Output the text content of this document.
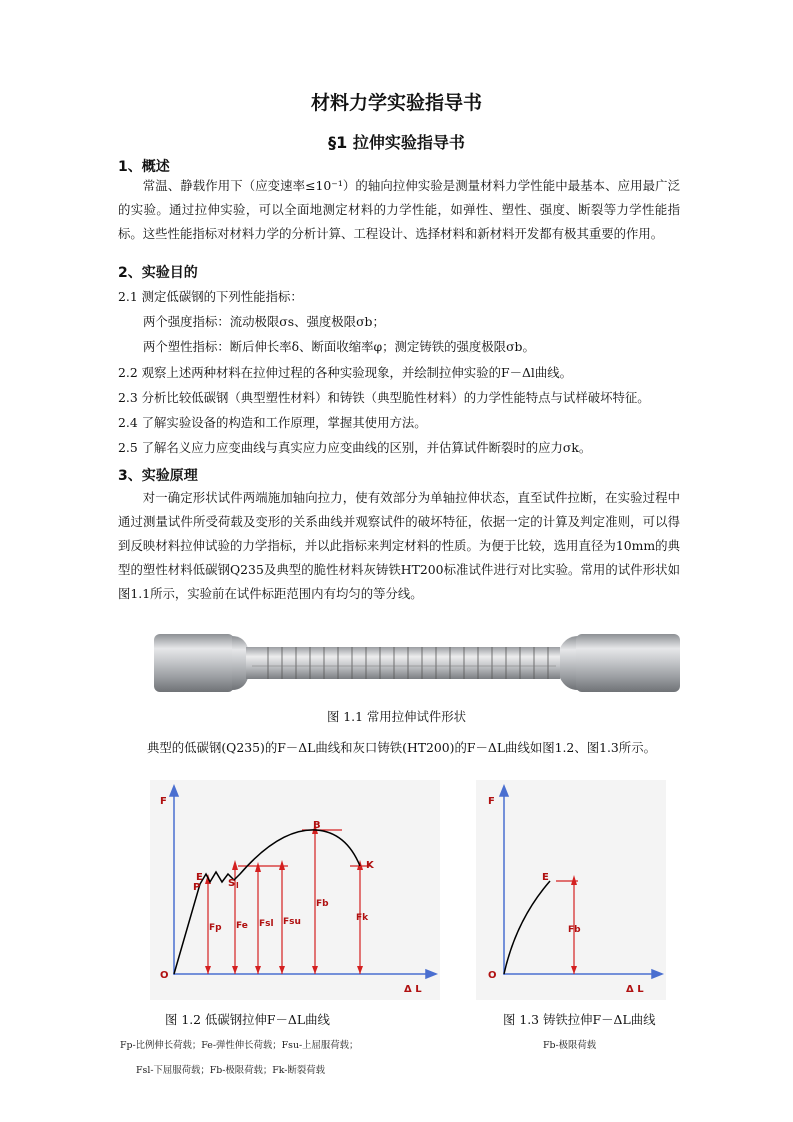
材料力学实验指导书
§1 拉伸实验指导书
1、概述
常温、静载作用下（应变速率≤10⁻¹）的轴向拉伸实验是测量材料力学性能中最基本、应用最广泛的实验。通过拉伸实验，可以全面地测定材料的力学性能，如弹性、塑性、强度、断裂等力学性能指标。这些性能指标对材料力学的分析计算、工程设计、选择材料和新材料开发都有极其重要的作用。
2、实验目的
2.1 测定低碳钢的下列性能指标：
两个强度指标：流动极限σs、强度极限σb；
两个塑性指标：断后伸长率δ、断面收缩率φ；测定铸铁的强度极限σb。
2.2 观察上述两种材料在拉伸过程的各种实验现象，并绘制拉伸实验的F－Δl曲线。
2.3 分析比较低碳钢（典型塑性材料）和铸铁（典型脆性材料）的力学性能特点与试样破坏特征。
2.4 了解实验设备的构造和工作原理，掌握其使用方法。
2.5 了解名义应力应变曲线与真实应力应变曲线的区别，并估算试件断裂时的应力σk。
3、实验原理
对一确定形状试件两端施加轴向拉力，使有效部分为单轴拉伸状态，直至试件拉断，在实验过程中通过测量试件所受荷载及变形的关系曲线并观察试件的破坏特征，依据一定的计算及判定准则，可以得到反映材料拉伸试验的力学指标，并以此指标来判定材料的性质。为便于比较，选用直径为10mm的典型的塑性材料低碳钢Q235及典型的脆性材料灰铸铁HT200标准试件进行对比实验。常用的试件形状如图1.1所示，实验前在试件标距范围内有均匀的等分线。
图 1.1 常用拉伸试件形状
典型的低碳钢(Q235)的F－ΔL曲线和灰口铸铁(HT200)的F－ΔL曲线如图1.2、图1.3所示。
F
O
Δ L
B
K
E
P	S l
Fp Fe Fsl Fsu
Fb
Fk
F
O
Δ L
E
Fb
图 1.2 低碳钢拉伸F－ΔL曲线	图 1.3 铸铁拉伸F－ΔL曲线
Fp-比例伸长荷载；Fe-弹性伸长荷载；Fsu-上屈服荷载；	Fb-极限荷载
Fsl-下屈服荷载；Fb-极限荷载；Fk-断裂荷载
